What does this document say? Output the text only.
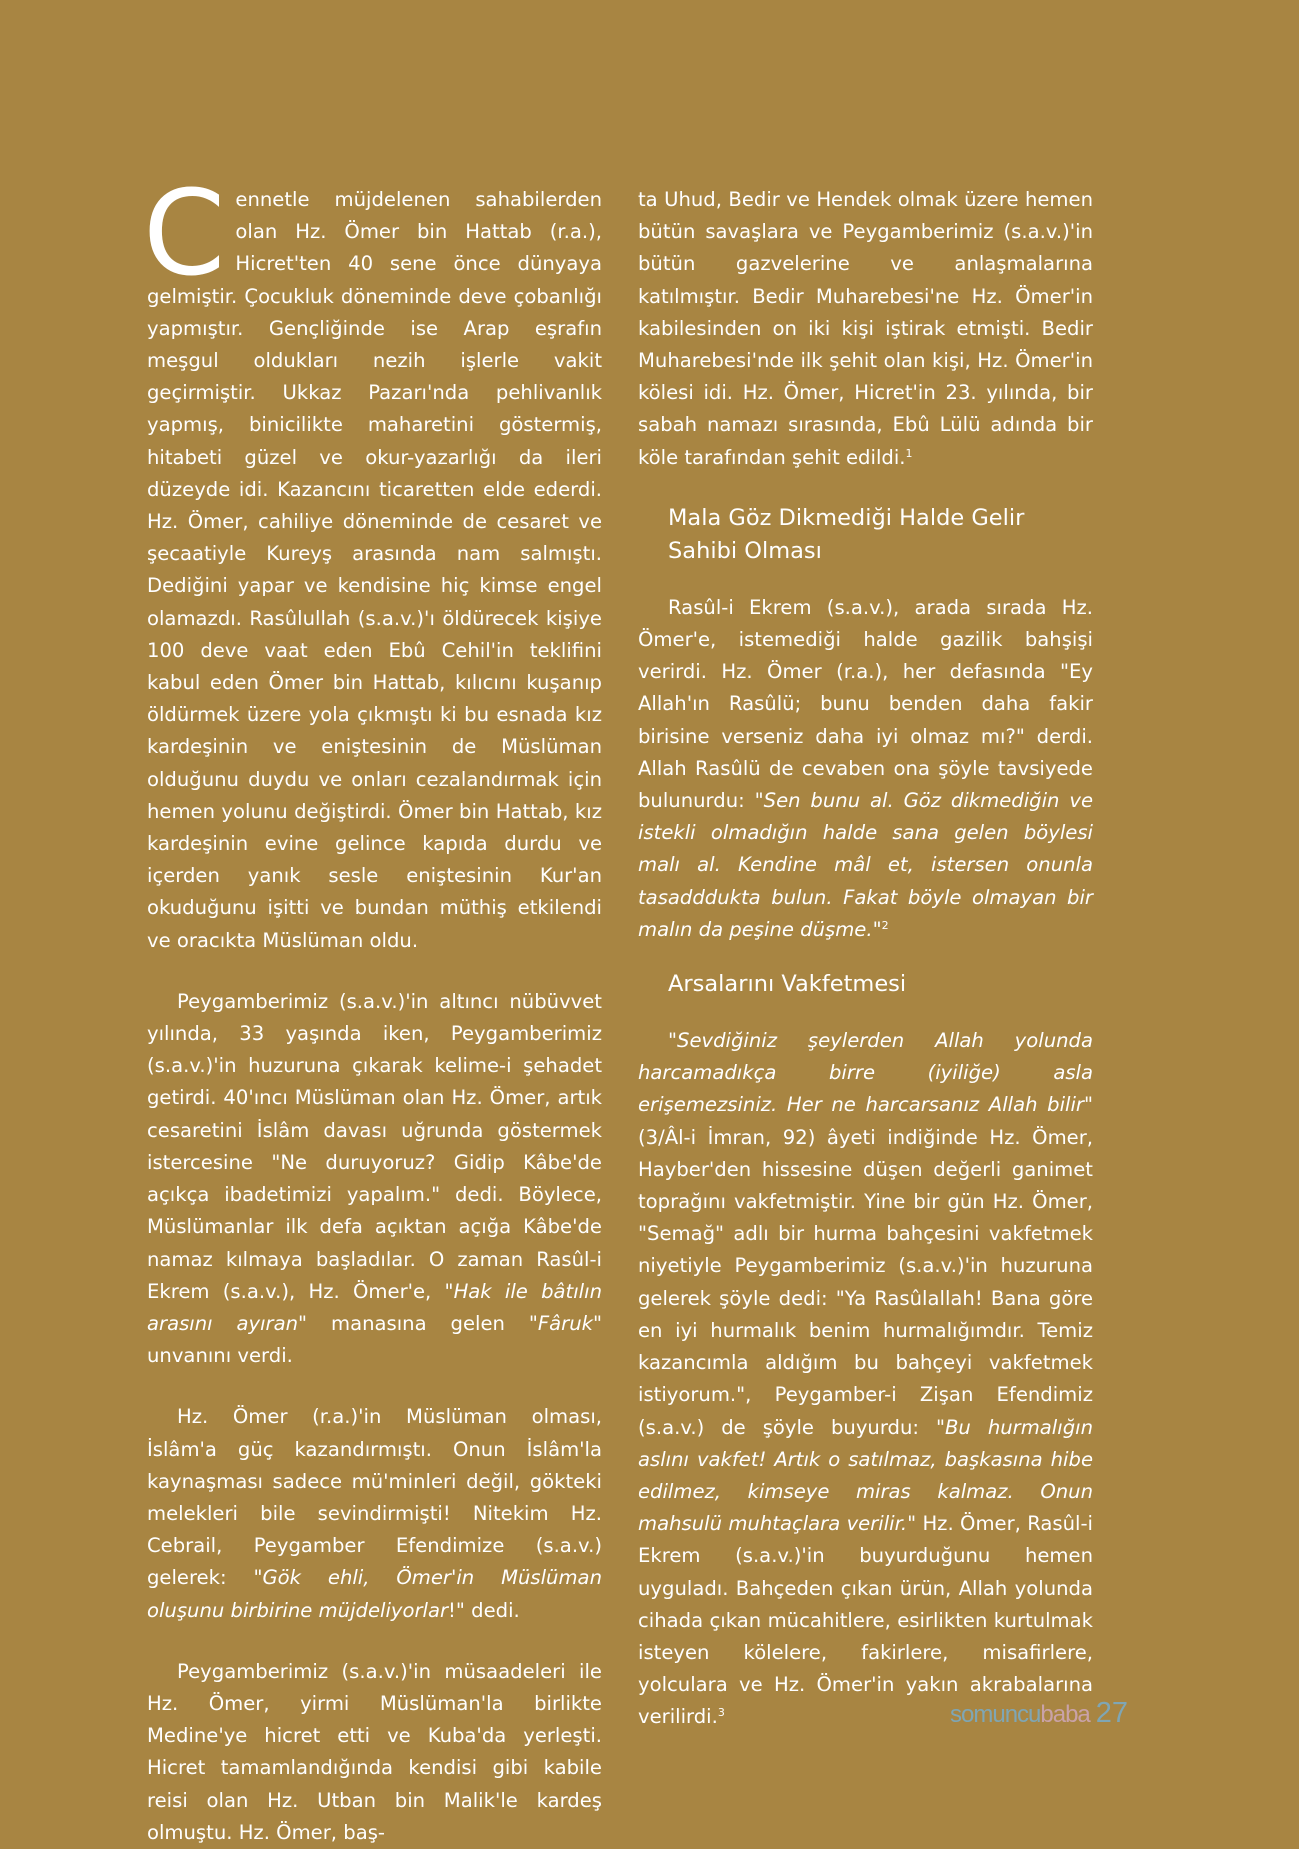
Cennetle müjdelenen sahabilerden olan Hz. Ömer bin Hattab (r.a.), Hicret'ten 40 sene önce dünyaya gelmiştir. Çocukluk döneminde deve çobanlığı yapmıştır. Gençliğinde ise Arap eşrafın meşgul oldukları nezih işlerle vakit geçirmiştir. Ukkaz Pazarı'nda pehlivanlık yapmış, binicilikte maharetini göstermiş, hitabeti güzel ve okur-yazarlığı da ileri düzeyde idi. Kazancını ticaretten elde ederdi. Hz. Ömer, cahiliye döneminde de cesaret ve şecaatiyle Kureyş arasında nam salmıştı. Dediğini yapar ve kendisine hiç kimse engel olamazdı. Rasûlullah (s.a.v.)'ı öldürecek kişiye 100 deve vaat eden Ebû Cehil'in teklifini kabul eden Ömer bin Hattab, kılıcını kuşanıp öldürmek üzere yola çıkmıştı ki bu esnada kız kardeşinin ve eniştesinin de Müslüman olduğunu duydu ve onları cezalandırmak için hemen yolunu değiştirdi. Ömer bin Hattab, kız kardeşinin evine gelince kapıda durdu ve içerden yanık sesle eniştesinin Kur'an okuduğunu işitti ve bundan müthiş etkilendi ve oracıkta Müslüman oldu.

Peygamberimiz (s.a.v.)'in altıncı nübüvvet yılında, 33 yaşında iken, Peygamberimiz (s.a.v.)'in huzuruna çıkarak kelime-i şehadet getirdi. 40'ıncı Müslüman olan Hz. Ömer, artık cesaretini İslâm davası uğrunda göstermek istercesine "Ne duruyoruz? Gidip Kâbe'de açıkça ibadetimizi yapalım." dedi. Böylece, Müslümanlar ilk defa açıktan açığa Kâbe'de namaz kılmaya başladılar. O zaman Rasûl-i Ekrem (s.a.v.), Hz. Ömer'e, "Hak ile bâtılın arasını ayıran" manasına gelen "Fâruk" unvanını verdi.

Hz. Ömer (r.a.)'in Müslüman olması, İslâm'a güç kazandırmıştı. Onun İslâm'la kaynaşması sadece mü'minleri değil, gökteki melekleri bile sevindirmişti! Nitekim Hz. Cebrail, Peygamber Efendimize (s.a.v.) gelerek: "Gök ehli, Ömer'in Müslüman oluşunu birbirine müjdeliyorlar!" dedi.

Peygamberimiz (s.a.v.)'in müsaadeleri ile Hz. Ömer, yirmi Müslüman'la birlikte Medine'ye hicret etti ve Kuba'da yerleşti. Hicret tamamlandığında kendisi gibi kabile reisi olan Hz. Utban bin Malik'le kardeş olmuştu. Hz. Ömer, baş-

ta Uhud, Bedir ve Hendek olmak üzere hemen bütün savaşlara ve Peygamberimiz (s.a.v.)'in bütün gazvelerine ve anlaşmalarına katılmıştır. Bedir Muharebesi'ne Hz. Ömer'in kabilesinden on iki kişi iştirak etmişti. Bedir Muharebesi'nde ilk şehit olan kişi, Hz. Ömer'in kölesi idi. Hz. Ömer, Hicret'in 23. yılında, bir sabah namazı sırasında, Ebû Lülü adında bir köle tarafından şehit edildi.$^1$

Mala Göz Dikmediği Halde Gelir
Sahibi Olması

Rasûl-i Ekrem (s.a.v.), arada sırada Hz. Ömer'e, istemediği halde gazilik bahşişi verirdi. Hz. Ömer (r.a.), her defasında "Ey Allah'ın Rasûlü; bunu benden daha fakir birisine verseniz daha iyi olmaz mı?" derdi. Allah Rasûlü de cevaben ona şöyle tavsiyede bulunurdu: "Sen bunu al. Göz dikmediğin ve istekli olmadığın halde sana gelen böylesi malı al. Kendine mâl et, istersen onunla tasadddukta bulun. Fakat böyle olmayan bir malın da peşine düşme."$^2$

Arsalarını Vakfetmesi

"Sevdiğiniz şeylerden Allah yolunda harcamadıkça birre (iyiliğe) asla erişemezsiniz. Her ne harcarsanız Allah bilir" (3/Âl-i İmran, 92) âyeti indiğinde Hz. Ömer, Hayber'den hissesine düşen değerli ganimet toprağını vakfetmiştir. Yine bir gün Hz. Ömer, "Semağ" adlı bir hurma bahçesini vakfetmek niyetiyle Peygamberimiz (s.a.v.)'in huzuruna gelerek şöyle dedi: "Ya Rasûlallah! Bana göre en iyi hurmalık benim hurmalığımdır. Temiz kazancımla aldığım bu bahçeyi vakfetmek istiyorum.", Peygamber-i Zişan Efendimiz (s.a.v.) de şöyle buyurdu: "Bu hurmalığın aslını vakfet! Artık o satılmaz, başkasına hibe edilmez, kimseye miras kalmaz. Onun mahsulü muhtaçlara verilir." Hz. Ömer, Rasûl-i Ekrem (s.a.v.)'in buyurduğunu hemen uyguladı. Bahçeden çıkan ürün, Allah yolunda cihada çıkan mücahitlere, esirlikten kurtulmak isteyen kölelere, fakirlere, misafirlere, yolculara ve Hz. Ömer'in yakın akrabalarına verilirdi.$^3$	somuncubaba 27
